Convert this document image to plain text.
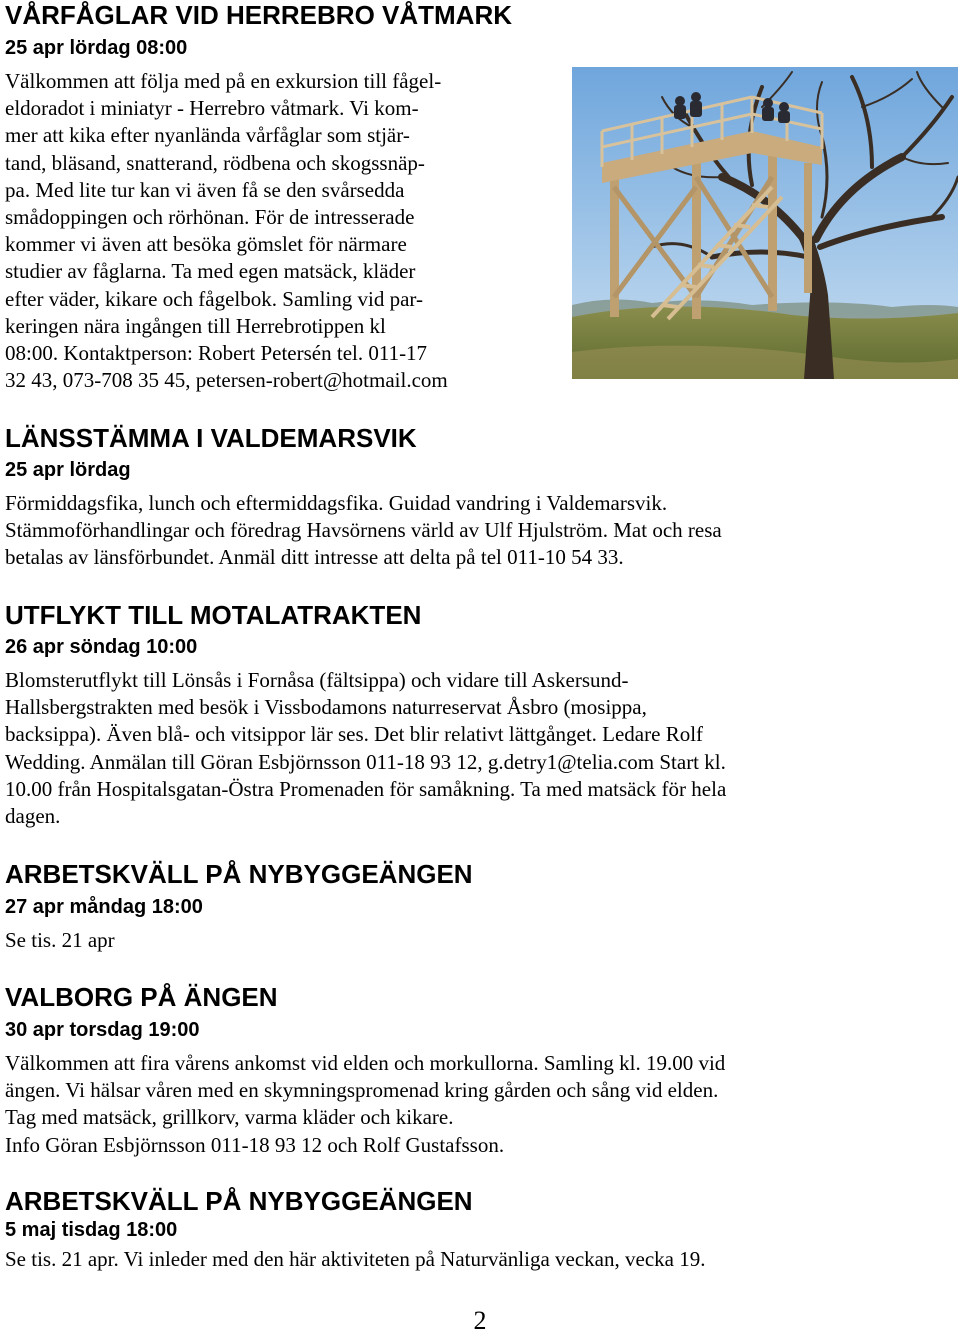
VÅRFÅGLAR VID HERREBRO VÅTMARK
25 apr lördag 08:00
Välkommen att följa med på en exkursion till fågel-
eldoradot i miniatyr - Herrebro våtmark. Vi kom-
mer att kika efter nyanlända vårfåglar som stjär-
tand, bläsand, snatterand, rödbena och skogssnäp-
pa. Med lite tur kan vi även få se den svårsedda
smådoppingen och rörhönan. För de intresserade
kommer vi även att besöka gömslet för närmare
studier av fåglarna. Ta med egen matsäck, kläder
efter väder, kikare och fågelbok. Samling vid par-
keringen nära ingången till Herrebrotippen kl
08:00. Kontaktperson: Robert Petersén tel. 011-17
32 43, 073-708 35 45, petersen-robert@hotmail.com
LÄNSSTÄMMA I VALDEMARSVIK
25 apr lördag
Förmiddagsfika, lunch och eftermiddagsfika. Guidad vandring i Valdemarsvik.
Stämmoförhandlingar och föredrag Havsörnens värld av Ulf Hjulström. Mat och resa
betalas av länsförbundet. Anmäl ditt intresse att delta på tel 011-10 54 33.
UTFLYKT TILL MOTALATRAKTEN
26 apr söndag 10:00
Blomsterutflykt till Lönsås i Fornåsa (fältsippa) och vidare till Askersund-
Hallsbergstrakten med besök i Vissbodamons naturreservat Åsbro (mosippa,
backsippa). Även blå- och vitsippor lär ses. Det blir relativt lättgånget. Ledare Rolf
Wedding. Anmälan till Göran Esbjörnsson 011-18 93 12, g.detry1@telia.com Start kl.
10.00 från Hospitalsgatan-Östra Promenaden för samåkning. Ta med matsäck för hela
dagen.
ARBETSKVÄLL PÅ NYBYGGEÄNGEN
27 apr måndag 18:00
Se tis. 21 apr
VALBORG PÅ ÄNGEN
30 apr torsdag 19:00
Välkommen att fira vårens ankomst vid elden och morkullorna. Samling kl. 19.00 vid
ängen. Vi hälsar våren med en skymningspromenad kring gården och sång vid elden.
Tag med matsäck, grillkorv, varma kläder och kikare.
Info Göran Esbjörnsson 011-18 93 12 och Rolf Gustafsson.
ARBETSKVÄLL PÅ NYBYGGEÄNGEN
5 maj tisdag 18:00
Se tis. 21 apr. Vi inleder med den här aktiviteten på Naturvänliga veckan, vecka 19.
2
